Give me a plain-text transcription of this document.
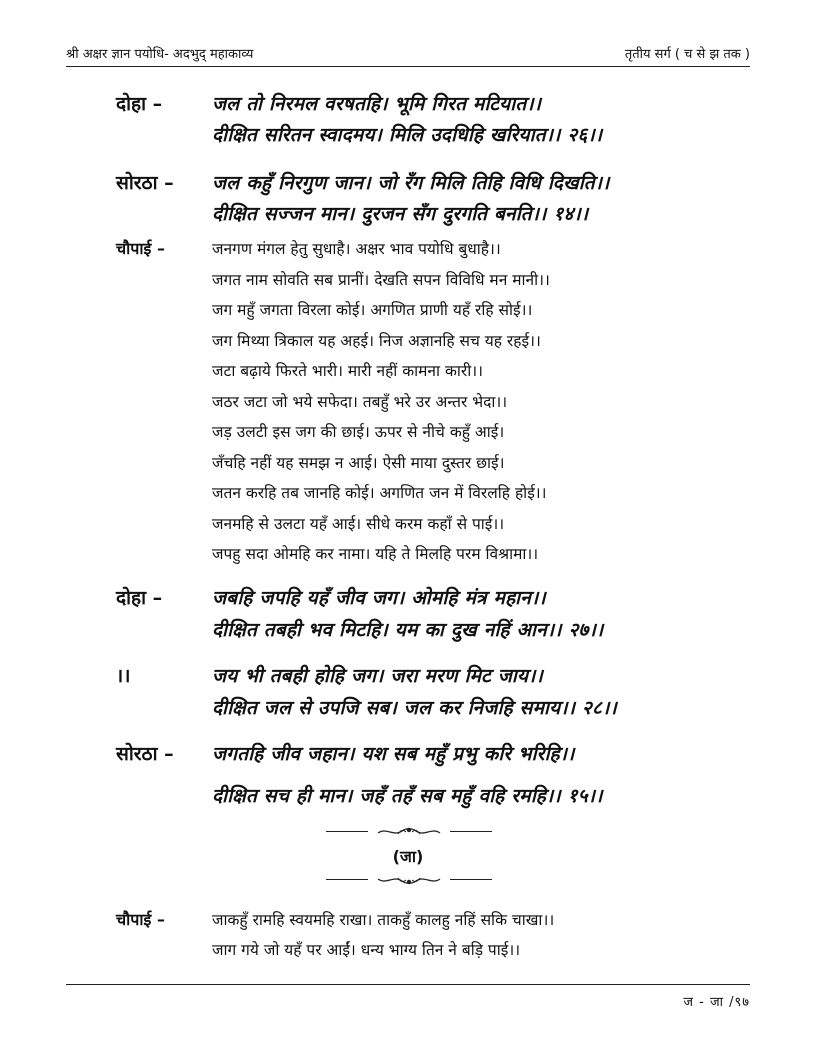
श्री अक्षर ज्ञान पयोधि- अदभुद् महाकाव्य	तृतीय सर्ग ( च से झ तक )
दोहा –	जल तो निरमल वरषतहि। भूमि गिरत मटियात।।
दीक्षित सरितन स्वादमय। मिलि उदधिहि खरियात।। २६।।
सोरठा – जल कहुँ निरगुण जान। जो रँग मिलि तिहि विधि दिखति।।
दीक्षित सज्जन मान। दुरजन सँग दुरगति बनति।। १४।।
चौपाई –	जनगण मंगल हेतु सुधाहै। अक्षर भाव पयोधि बुधाहै।।
जगत नाम सोवति सब प्रानीं। देखति सपन विविधि मन मानी।।
जग महुँ जगता विरला कोई। अगणित प्राणी यहँ रहि सोई।।
जग मिथ्या त्रिकाल यह अहई। निज अज्ञानहि सच यह रहई।।
जटा बढ़ाये फिरते भारी। मारी नहीं कामना कारी।।
जठर जटा जो भये सफेदा। तबहुँ भरे उर अन्तर भेदा।।
जड़ उलटी इस जग की छाई। ऊपर से नीचे कहुँ आई।
जँचहि नहीं यह समझ न आई। ऐसी माया दुस्तर छाई।
जतन करहि तब जानहि कोई। अगणित जन में विरलहि होई।।
जनमहि से उलटा यहँ आई। सीधे करम कहाँ से पाई।।
जपहु सदा ओमहि कर नामा। यहि ते मिलहि परम विश्रामा।।
दोहा –	जबहि जपहि यहँ जीव जग। ओमहि मंत्र महान।।
दीक्षित तबही भव मिटहि। यम का दुख नहिं आन।। २७।।
।।	जय भी तबही होहि जग। जरा मरण मिट जाय।।
दीक्षित जल से उपजि सब। जल कर निजहि समाय।। २८।।
सोरठा – जगतहि जीव जहान। यश सब महुँ प्रभु करि भरिहि।।
दीक्षित सच ही मान। जहँ तहँ सब महुँ वहि रमहि।। १५।।
(जा)
चौपाई –	जाकहुँ रामहि स्वयमहि राखा। ताकहुँ कालहु नहिं सकि चाखा।।
जाग गये जो यहँ पर आईं। धन्य भाग्य तिन ने बड़ि पाई।।
ज - जा /९७
